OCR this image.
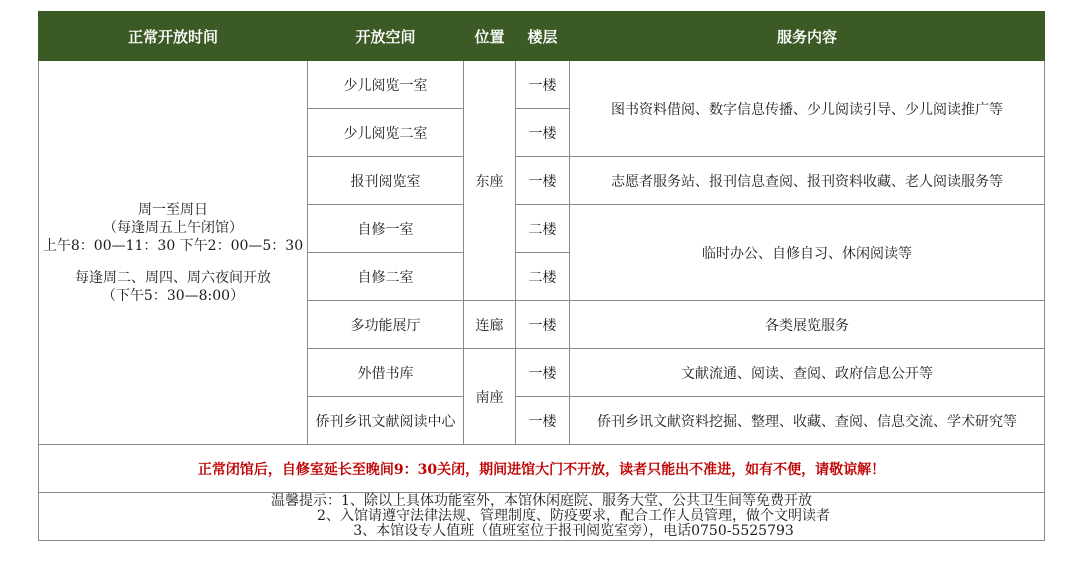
正常开放时间	开放空间	位置	楼层	服务内容

周一至周日
（每逢周五上午闭馆）
上午8：00—11：30 下午2：00—5：30
每逢周二、周四、周六夜间开放
（下午5：30—8:00）	少儿阅览一室	东座	一楼	图书资料借阅、数字信息传播、少儿阅读引导、少儿阅读推广等
	少儿阅览二室		一楼	
	报刊阅览室		一楼	志愿者服务站、报刊信息查阅、报刊资料收藏、老人阅读服务等
	自修一室		二楼	临时办公、自修自习、休闲阅读等
	自修二室		二楼	
	多功能展厅	连廊	一楼	各类展览服务
	外借书库	南座	一楼	文献流通、阅读、查阅、政府信息公开等
	侨刊乡讯文献阅读中心		一楼	侨刊乡讯文献资料挖掘、整理、收藏、查阅、信息交流、学术研究等
正常闭馆后，自修室延长至晚间9：30关闭，期间进馆大门不开放，读者只能出不准进，如有不便，请敬谅解！				

温馨提示：1、除以上具体功能室外，本馆休闲庭院、服务大堂、公共卫生间等免费开放
2、入馆请遵守法律法规、管理制度、防疫要求，配合工作人员管理，做个文明读者
3、本馆设专人值班（值班室位于报刊阅览室旁），电话0750-5525793				
